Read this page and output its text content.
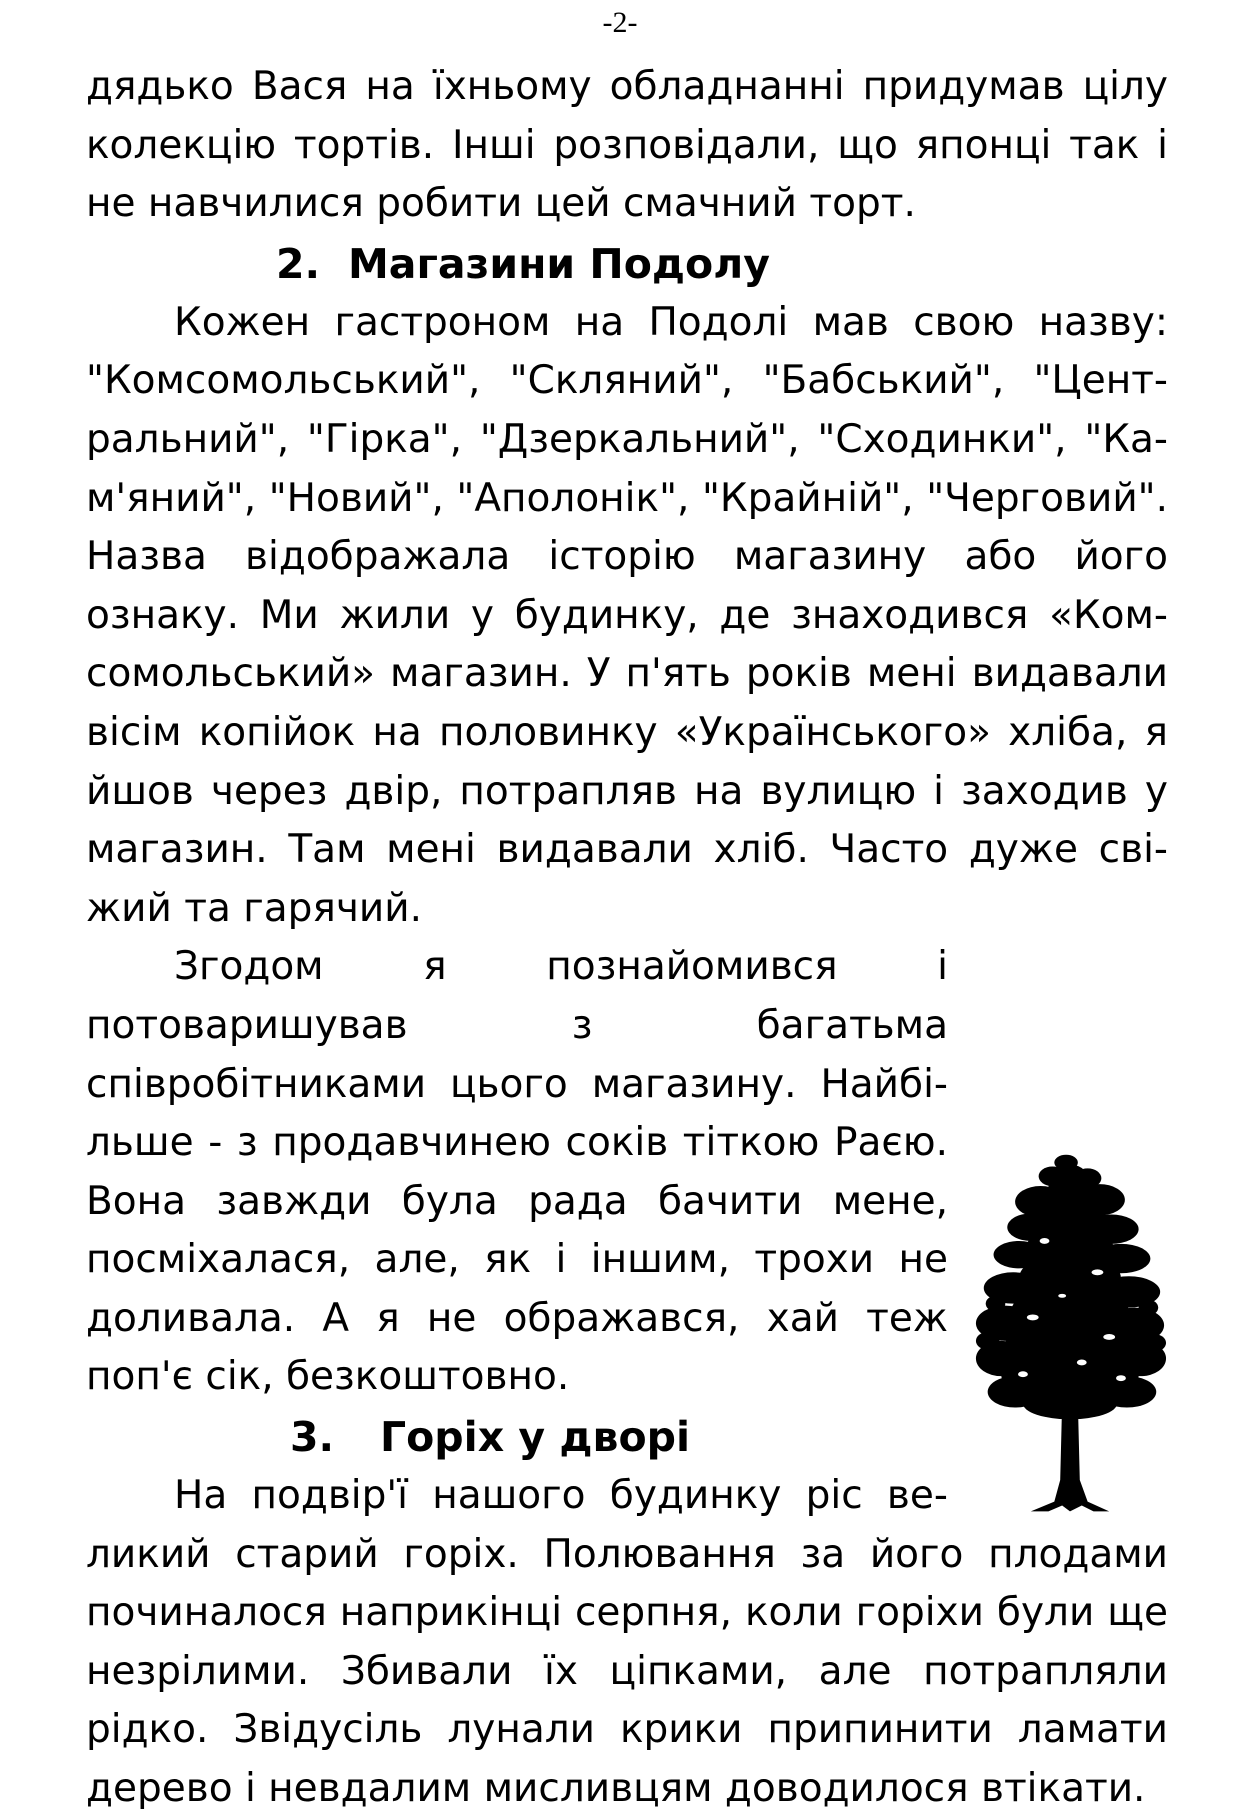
-2-

дядько Вася на їхньому обладнанні придумав цілу колекцію тортів. Інші розповідали, що японці так і не навчилися робити цей смачний торт.

2. Магазини Подолу

Кожен гастроном на Подолі мав свою назву: "Комсомольський", "Скляний", "Бабський", "Центральний", "Гірка", "Дзеркальний", "Сходинки", "Кам'яний", "Новий", "Аполонік", "Крайній", "Черговий". Назва відображала історію магазину або його ознаку. Ми жили у будинку, де знаходився «Комсомольський» магазин. У п'ять років мені видавали вісім копійок на половинку «Українського» хліба, я йшов через двір, потрапляв на вулицю і заходив у магазин. Там мені видавали хліб. Часто дуже свіжий та гарячий.

Згодом я познайомився і потоваришував з багатьма співробітниками цього магазину. Найбільше - з продавчинею соків тіткою Раєю. Вона завжди була рада бачити мене, посміхалася, але, як і іншим, трохи не доливала. А я не ображався, хай теж поп'є сік, безкоштовно.

3. Горіх у дворі

На подвір'ї нашого будинку ріс великий старий горіх. Полювання за його плодами починалося наприкінці серпня, коли горіхи були ще незрілими. Збивали їх ціпками, але потрапляли рідко. Звідусіль лунали крики припинити ламати дерево і невдалим мисливцям доводилося втікати.
